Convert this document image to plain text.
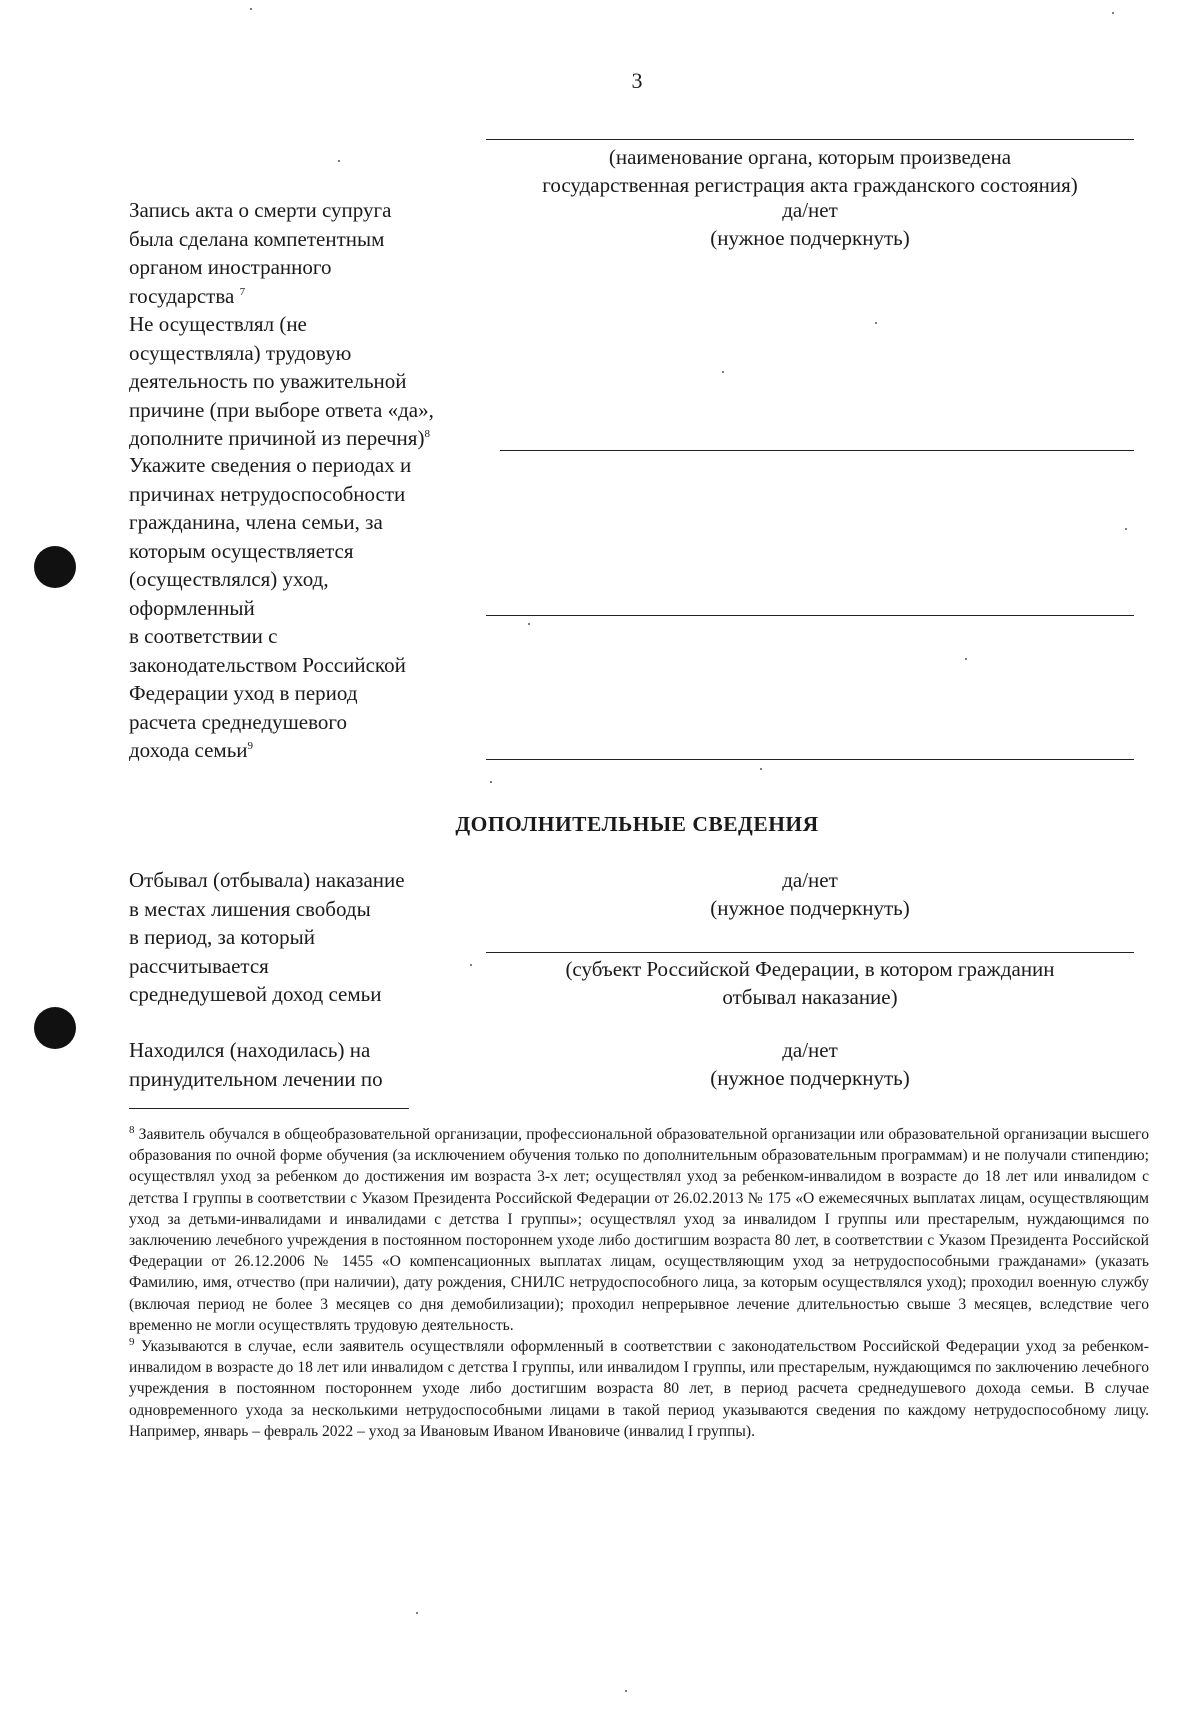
3
(наименование органа, которым произведена
государственная регистрация акта гражданского состояния)
Запись акта о смерти супруга
была сделана компетентным
органом иностранного
государства $^7$
да/нет
(нужное подчеркнуть)
Не осуществлял (не
осуществляла) трудовую
деятельность по уважительной
причине (при выборе ответа «да»,
дополните причиной из перечня)$^8$
Укажите сведения о периодах и
причинах нетрудоспособности
гражданина, члена семьи, за
которым осуществляется
(осуществлялся) уход,
оформленный
в соответствии с
законодательством Российской
Федерации уход в период
расчета среднедушевого
дохода семьи$^9$
ДОПОЛНИТЕЛЬНЫЕ СВЕДЕНИЯ
Отбывал (отбывала) наказание
в местах лишения свободы
в период, за который
рассчитывается
среднедушевой доход семьи
да/нет
(нужное подчеркнуть)
(субъект Российской Федерации, в котором гражданин
отбывал наказание)
Находился (находилась) на
принудительном лечении по
да/нет
(нужное подчеркнуть)

$^8$ Заявитель обучался в общеобразовательной организации, профессиональной образовательной организации или образовательной организации высшего образования по очной форме обучения (за исключением обучения только по дополнительным образовательным программам) и не получали стипендию; осуществлял уход за ребенком до достижения им возраста 3-х лет; осуществлял уход за ребенком-инвалидом в возрасте до 18 лет или инвалидом с детства I группы в соответствии с Указом Президента Российской Федерации от 26.02.2013 № 175 «О ежемесячных выплатах лицам, осуществляющим уход за детьми-инвалидами и инвалидами с детства I группы»; осуществлял уход за инвалидом I группы или престарелым, нуждающимся по заключению лечебного учреждения в постоянном постороннем уходе либо достигшим возраста 80 лет, в соответствии с Указом Президента Российской Федерации от 26.12.2006 № 1455 «О компенсационных выплатах лицам, осуществляющим уход за нетрудоспособными гражданами» (указать Фамилию, имя, отчество (при наличии), дату рождения, СНИЛС нетрудоспособного лица, за которым осуществлялся уход); проходил военную службу (включая период не более 3 месяцев со дня демобилизации); проходил непрерывное лечение длительностью свыше 3 месяцев, вследствие чего временно не могли осуществлять трудовую деятельность.

$^9$ Указываются в случае, если заявитель осуществляли оформленный в соответствии с законодательством Российской Федерации уход за ребенком-инвалидом в возрасте до 18 лет или инвалидом с детства I группы, или инвалидом I группы, или престарелым, нуждающимся по заключению лечебного учреждения в постоянном постороннем уходе либо достигшим возраста 80 лет, в период расчета среднедушевого дохода семьи. В случае одновременного ухода за несколькими нетрудоспособными лицами в такой период указываются сведения по каждому нетрудоспособному лицу. Например, январь – февраль 2022 – уход за Ивановым Иваном Ивановиче (инвалид I группы).
